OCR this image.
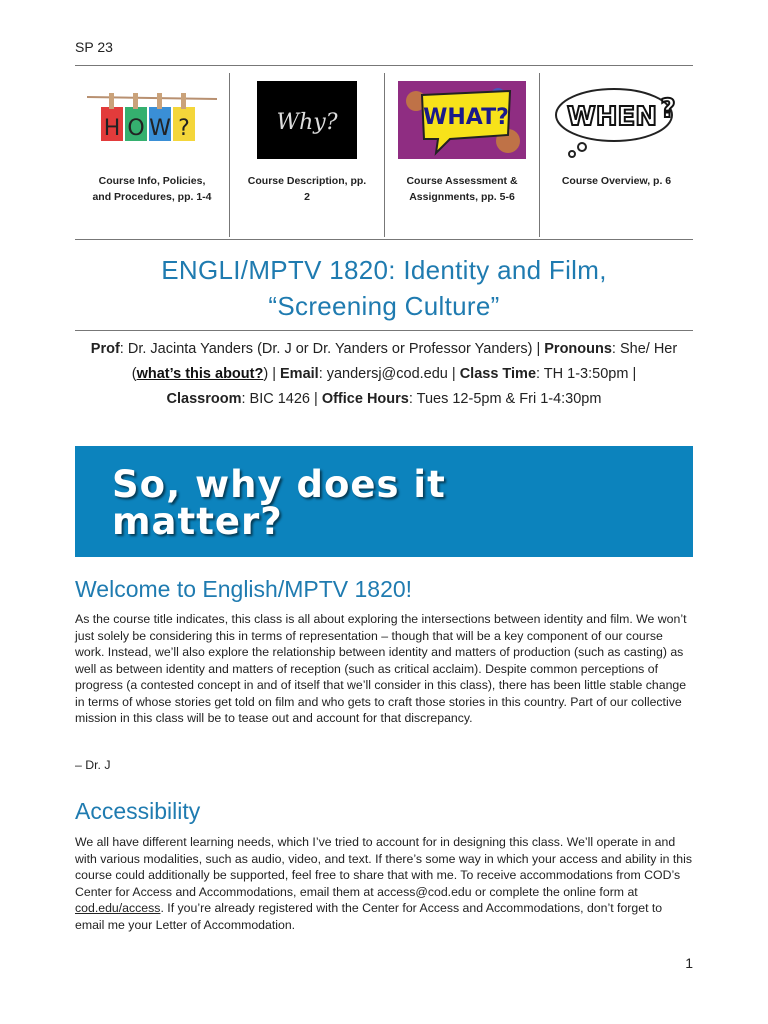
SP 23
H O W ?
Course Info, Policies, and Procedures, pp. 1-4
Why?
Course Description, pp. 2
WHAT?
Course Assessment & Assignments, pp. 5-6
WHEN ?
Course Overview, p. 6
ENGLI/MPTV 1820: Identity and Film,
“Screening Culture”
Prof: Dr. Jacinta Yanders (Dr. J or Dr. Yanders or Professor Yanders) | Pronouns: She/ Her (what’s this about?) | Email: yandersj@cod.edu | Class Time: TH 1-3:50pm |
Classroom: BIC 1426 | Office Hours: Tues 12-5pm & Fri 1-4:30pm
So, why does it
matter?
Welcome to English/MPTV 1820!
As the course title indicates, this class is all about exploring the intersections between identity and film. We won’t just solely be considering this in terms of representation – though that will be a key component of our course work. Instead, we’ll also explore the relationship between identity and matters of production (such as casting) as well as between identity and matters of reception (such as critical acclaim). Despite common perceptions of progress (a contested concept in and of itself that we’ll consider in this class), there has been little stable change in terms of whose stories get told on film and who gets to craft those stories in this country. Part of our collective mission in this class will be to tease out and account for that discrepancy.
– Dr. J
Accessibility
We all have different learning needs, which I’ve tried to account for in designing this class. We’ll operate in and with various modalities, such as audio, video, and text. If there’s some way in which your access and ability in this course could additionally be supported, feel free to share that with me. To receive accommodations from COD’s Center for Access and Accommodations, email them at access@cod.edu or complete the online form at cod.edu/access. If you’re already registered with the Center for Access and Accommodations, don’t forget to email me your Letter of Accommodation.
1
